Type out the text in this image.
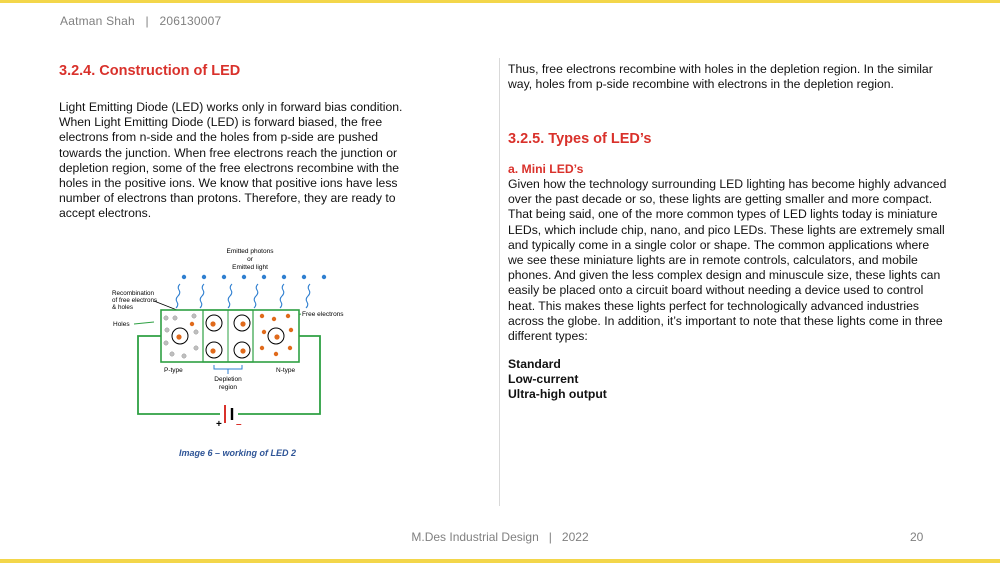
Aatman Shah | 206130007
3.2.4. Construction of LED
Light Emitting Diode (LED) works only in forward bias condition. When Light Emitting Diode (LED) is forward biased, the free electrons from n-side and the holes from p-side are pushed towards the junction. When free electrons reach the junction or depletion region, some of the free electrons recombine with the holes in the positive ions. We know that positive ions have less number of electrons than protons. Therefore, they are ready to accept electrons.
Emitted photons
or
Emitted light
Recombination
of free electrons
& holes
Holes
Free electrons
P-type	N-type
Depletion
region
+ –
Image 6 – working of LED 2
Thus, free electrons recombine with holes in the depletion region. In the similar way, holes from p-side recombine with electrons in the depletion region.
3.2.5. Types of LED’s
a. Mini LED’s
Given how the technology surrounding LED lighting has become highly advanced over the past decade or so, these lights are getting smaller and more compact. That being said, one of the more common types of LED lights today is miniature LEDs, which include chip, nano, and pico LEDs. These lights are extremely small and typically come in a single color or shape. The common applications where we see these miniature lights are in remote controls, calculators, and mobile phones. And given the less complex design and minuscule size, these lights can easily be placed onto a circuit board without needing a device used to control heat. This makes these lights perfect for technologically advanced industries across the globe. In addition, it’s important to note that these lights come in three different types:
Standard
Low-current
Ultra-high output
M.Des Industrial Design | 2022	20
